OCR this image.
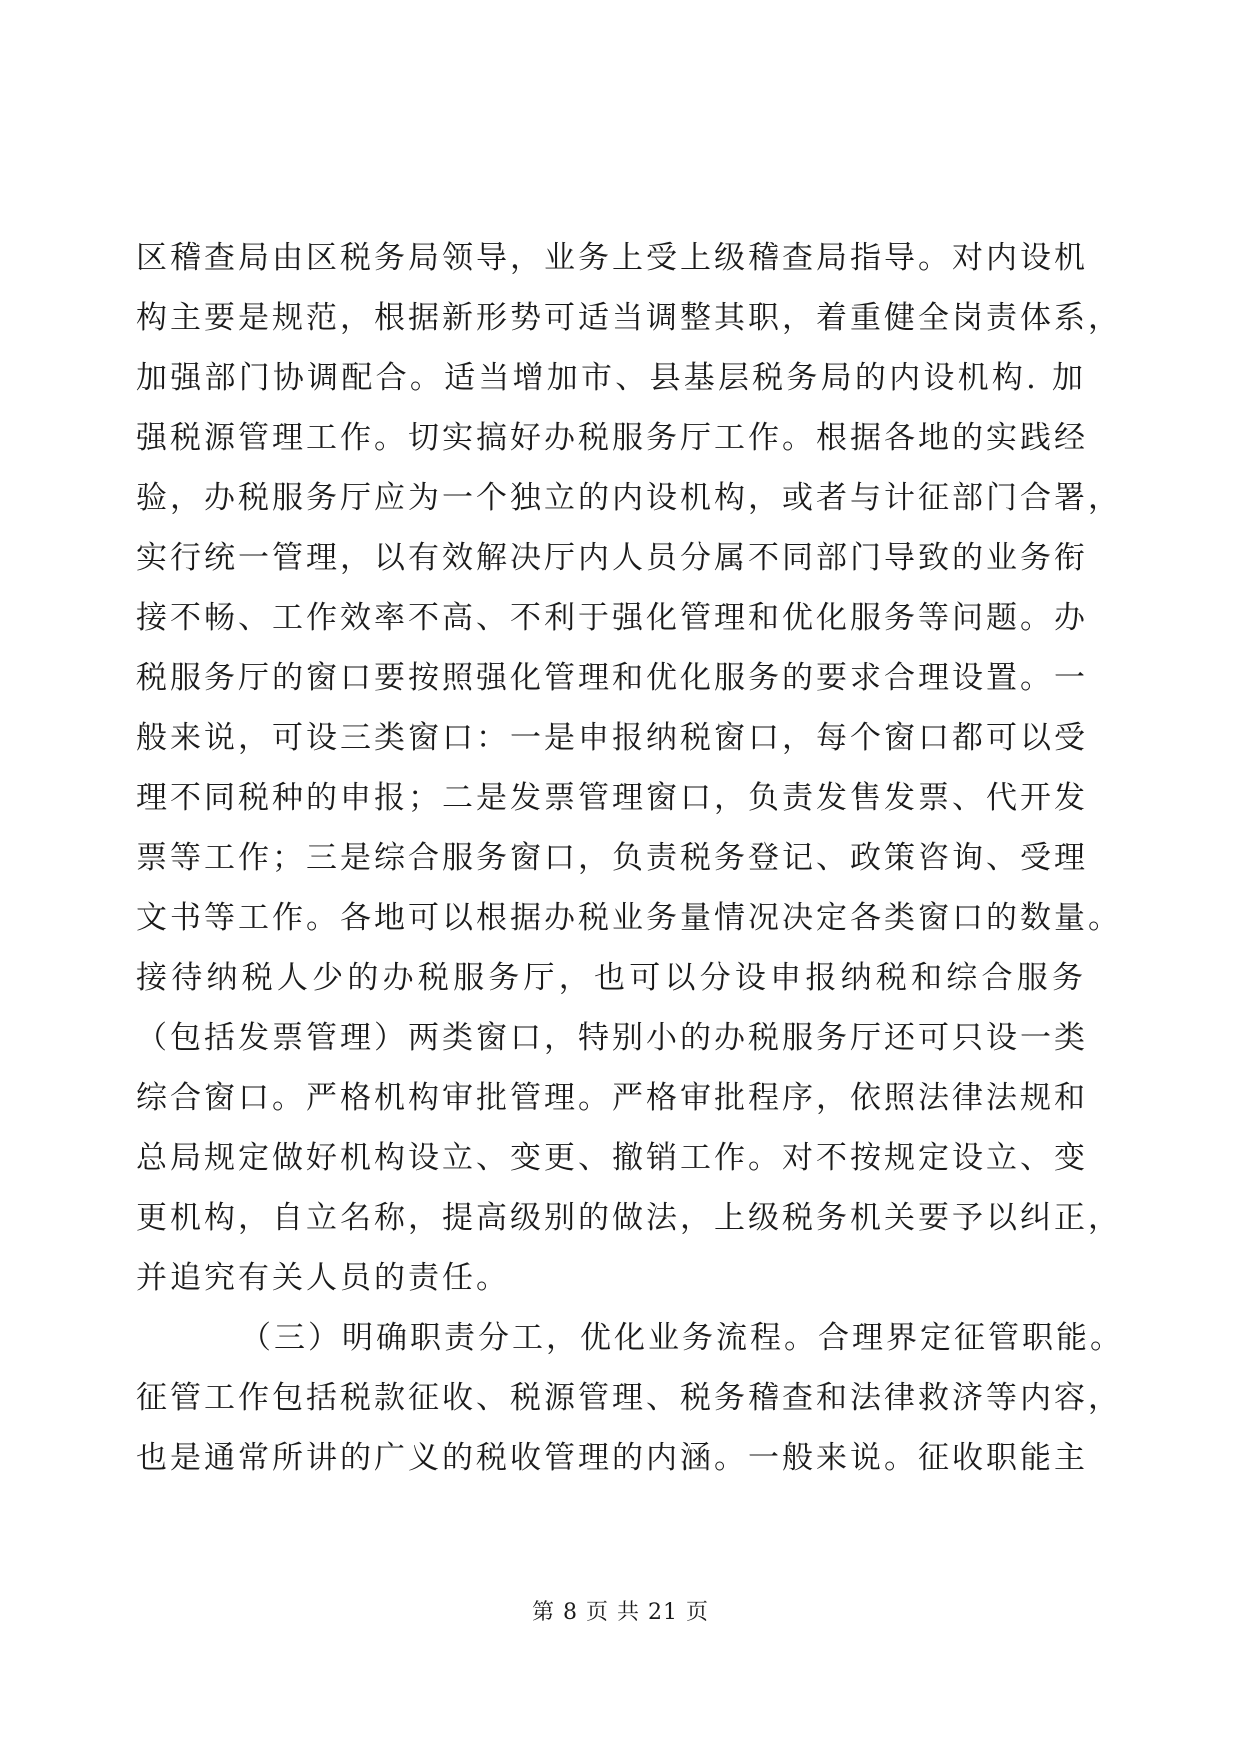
区稽查局由区税务局领导，业务上受上级稽查局指导。对内设机
构主要是规范，根据新形势可适当调整其职，着重健全岗责体系，
加强部门协调配合。适当增加市、县基层税务局的内设机构. 加
强税源管理工作。切实搞好办税服务厅工作。根据各地的实践经
验，办税服务厅应为一个独立的内设机构，或者与计征部门合署，
实行统一管理，以有效解决厅内人员分属不同部门导致的业务衔
接不畅、工作效率不高、不利于强化管理和优化服务等问题。办
税服务厅的窗口要按照强化管理和优化服务的要求合理设置。一
般来说，可设三类窗口：一是申报纳税窗口，每个窗口都可以受
理不同税种的申报；二是发票管理窗口，负责发售发票、代开发
票等工作；三是综合服务窗口，负责税务登记、政策咨询、受理
文书等工作。各地可以根据办税业务量情况决定各类窗口的数量。
接待纳税人少的办税服务厅，也可以分设申报纳税和综合服务
（包括发票管理）两类窗口，特别小的办税服务厅还可只设一类
综合窗口。严格机构审批管理。严格审批程序，依照法律法规和
总局规定做好机构设立、变更、撤销工作。对不按规定设立、变
更机构，自立名称，提高级别的做法，上级税务机关要予以纠正，
并追究有关人员的责任。
（三）明确职责分工，优化业务流程。合理界定征管职能。
征管工作包括税款征收、税源管理、税务稽查和法律救济等内容，
也是通常所讲的广义的税收管理的内涵。一般来说。征收职能主
第 8 页 共 21 页
